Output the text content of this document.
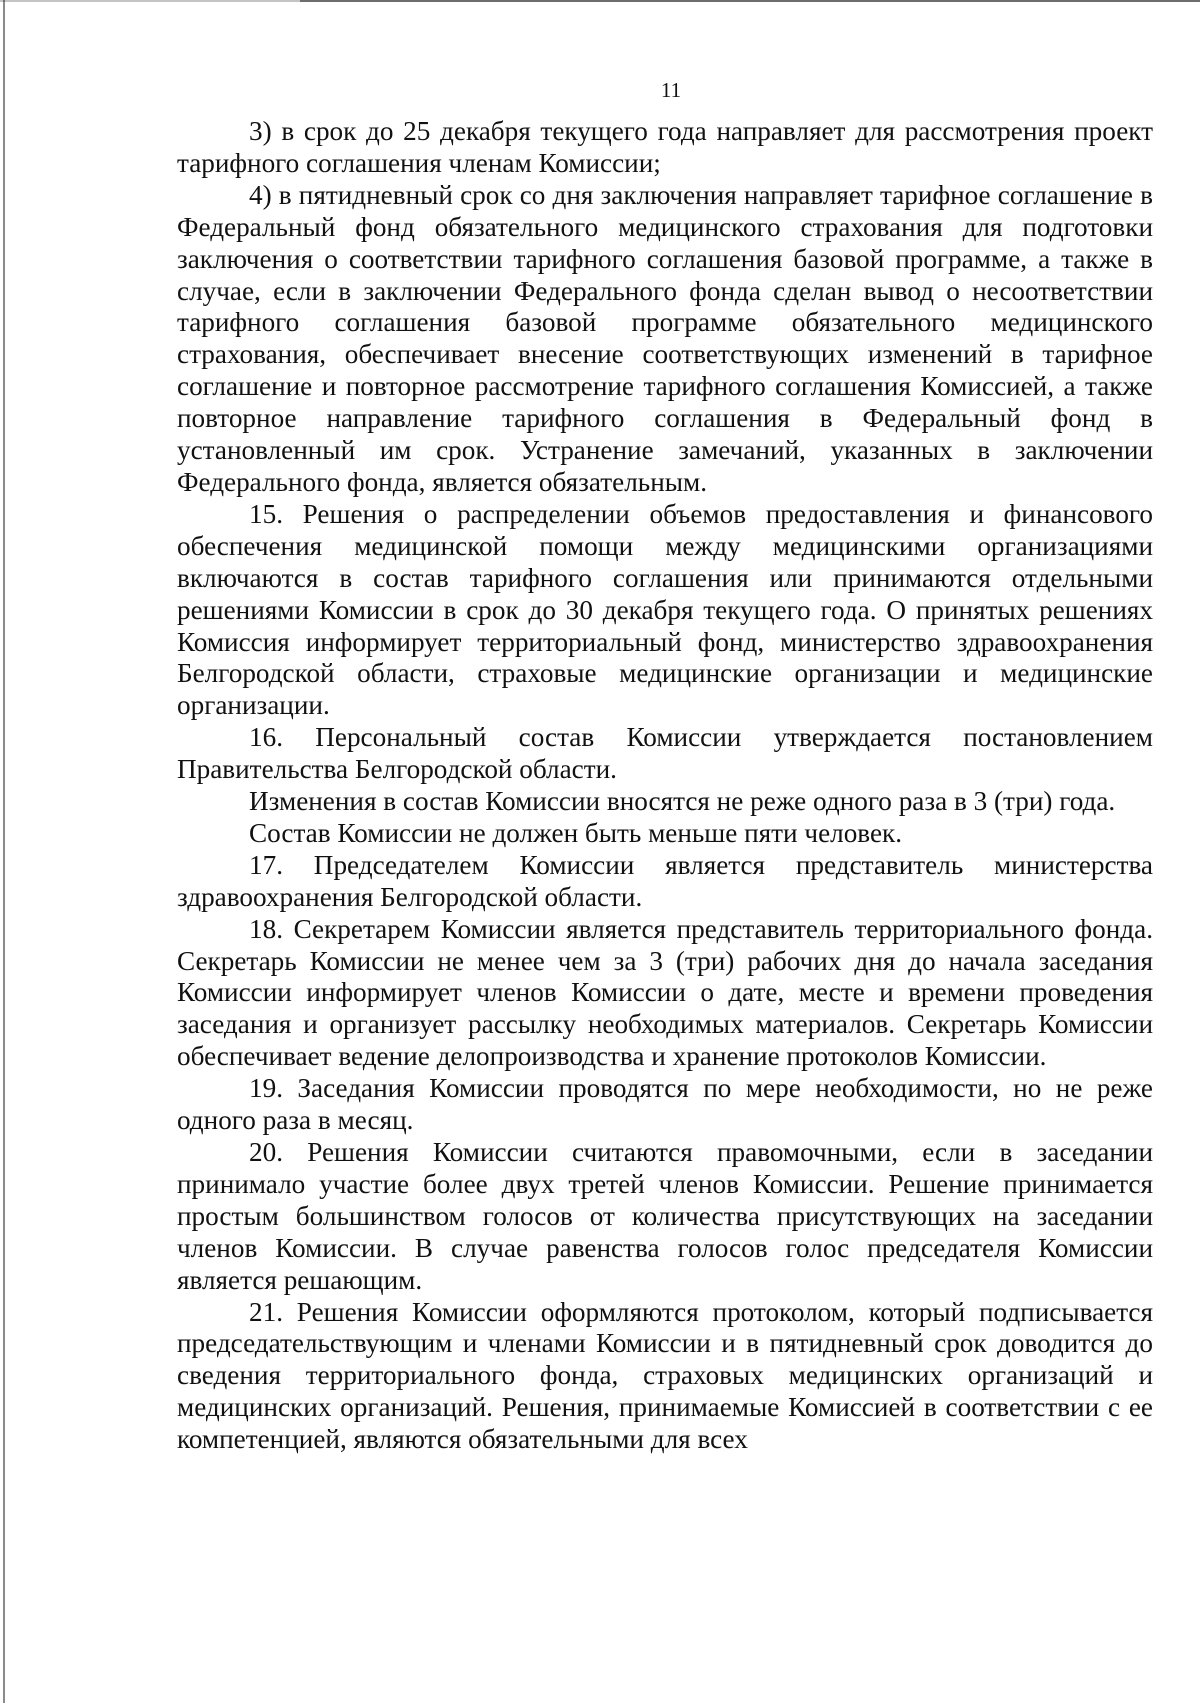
11

3) в срок до 25 декабря текущего года направляет для рассмотрения проект тарифного соглашения членам Комиссии;

4) в пятидневный срок со дня заключения направляет тарифное соглашение в Федеральный фонд обязательного медицинского страхования для подготовки заключения о соответствии тарифного соглашения базовой программе, а также в случае, если в заключении Федерального фонда сделан вывод о несоответствии тарифного соглашения базовой программе обязательного медицинского страхования, обеспечивает внесение соответствующих изменений в тарифное соглашение и повторное рассмотрение тарифного соглашения Комиссией, а также повторное направление тарифного соглашения в Федеральный фонд в установленный им срок. Устранение замечаний, указанных в заключении Федерального фонда, является обязательным.

15. Решения о распределении объемов предоставления и финансового обеспечения медицинской помощи между медицинскими организациями включаются в состав тарифного соглашения или принимаются отдельными решениями Комиссии в срок до 30 декабря текущего года. О принятых решениях Комиссия информирует территориальный фонд, министерство здравоохранения Белгородской области, страховые медицинские организации и медицинские организации.

16. Персональный состав Комиссии утверждается постановлением Правительства Белгородской области.

Изменения в состав Комиссии вносятся не реже одного раза в 3 (три) года.

Состав Комиссии не должен быть меньше пяти человек.

17. Председателем Комиссии является представитель министерства здравоохранения Белгородской области.

18. Секретарем Комиссии является представитель территориального фонда. Секретарь Комиссии не менее чем за 3 (три) рабочих дня до начала заседания Комиссии информирует членов Комиссии о дате, месте и времени проведения заседания и организует рассылку необходимых материалов. Секретарь Комиссии обеспечивает ведение делопроизводства и хранение протоколов Комиссии.

19. Заседания Комиссии проводятся по мере необходимости, но не реже одного раза в месяц.

20. Решения Комиссии считаются правомочными, если в заседании принимало участие более двух третей членов Комиссии. Решение принимается простым большинством голосов от количества присутствующих на заседании членов Комиссии. В случае равенства голосов голос председателя Комиссии является решающим.

21. Решения Комиссии оформляются протоколом, который подписывается председательствующим и членами Комиссии и в пятидневный срок доводится до сведения территориального фонда, страховых медицинских организаций и медицинских организаций. Решения, принимаемые Комиссией в соответствии с ее компетенцией, являются обязательными для всех
